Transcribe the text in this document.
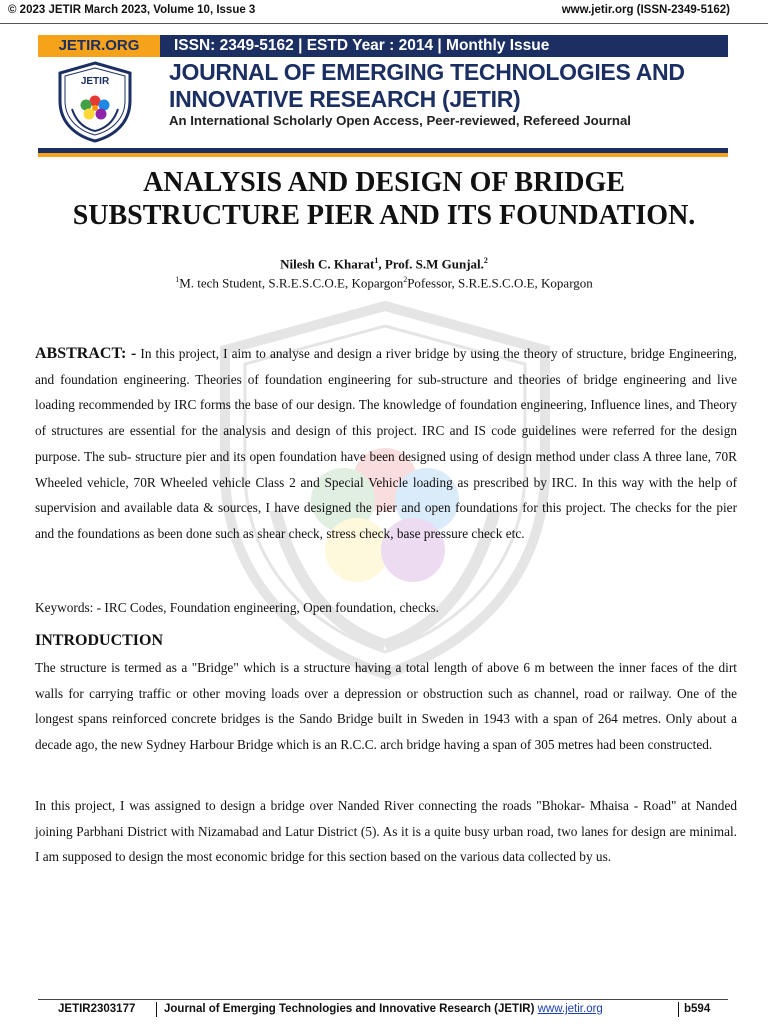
© 2023 JETIR March 2023, Volume 10, Issue 3	www.jetir.org (ISSN-2349-5162)
JETIR.ORG	ISSN: 2349-5162 | ESTD Year : 2014 | Monthly Issue
JETIR	JOURNAL OF EMERGING TECHNOLOGIES AND
INNOVATIVE RESEARCH (JETIR)
An International Scholarly Open Access, Peer-reviewed, Refereed Journal
ANALYSIS AND DESIGN OF BRIDGE
SUBSTRUCTURE PIER AND ITS FOUNDATION.
Nilesh C. Kharat$^1$, Prof. S.M Gunjal.$^2$
$^1$M. tech Student, S.R.E.S.C.O.E, Kopargon$^2$Pofessor, S.R.E.S.C.O.E, Kopargon
ABSTRACT: - In this project, I aim to analyse and design a river bridge by using the theory of structure, bridge Engineering, and foundation engineering. Theories of foundation engineering for sub-structure and theories of bridge engineering and live loading recommended by IRC forms the base of our design. The knowledge of foundation engineering, Influence lines, and Theory of structures are essential for the analysis and design of this project. IRC and IS code guidelines were referred for the design purpose. The sub- structure pier and its open foundation have been designed using of design method under class A three lane, 70R Wheeled vehicle, 70R Wheeled vehicle Class 2 and Special Vehicle loading as prescribed by IRC. In this way with the help of supervision and available data & sources, I have designed the pier and open foundations for this project. The checks for the pier and the foundations as been done such as shear check, stress check, base pressure check etc.
Keywords: - IRC Codes, Foundation engineering, Open foundation, checks.
INTRODUCTION
The structure is termed as a "Bridge" which is a structure having a total length of above 6 m between the inner faces of the dirt walls for carrying traffic or other moving loads over a depression or obstruction such as channel, road or railway. One of the longest spans reinforced concrete bridges is the Sando Bridge built in Sweden in 1943 with a span of 264 metres. Only about a decade ago, the new Sydney Harbour Bridge which is an R.C.C. arch bridge having a span of 305 metres had been constructed.
In this project, I was assigned to design a bridge over Nanded River connecting the roads "Bhokar- Mhaisa - Road" at Nanded joining Parbhani District with Nizamabad and Latur District (5). As it is a quite busy urban road, two lanes for design are minimal. I am supposed to design the most economic bridge for this section based on the various data collected by us.
JETIR2303177 Journal of Emerging Technologies and Innovative Research (JETIR) www.jetir.org	b594
